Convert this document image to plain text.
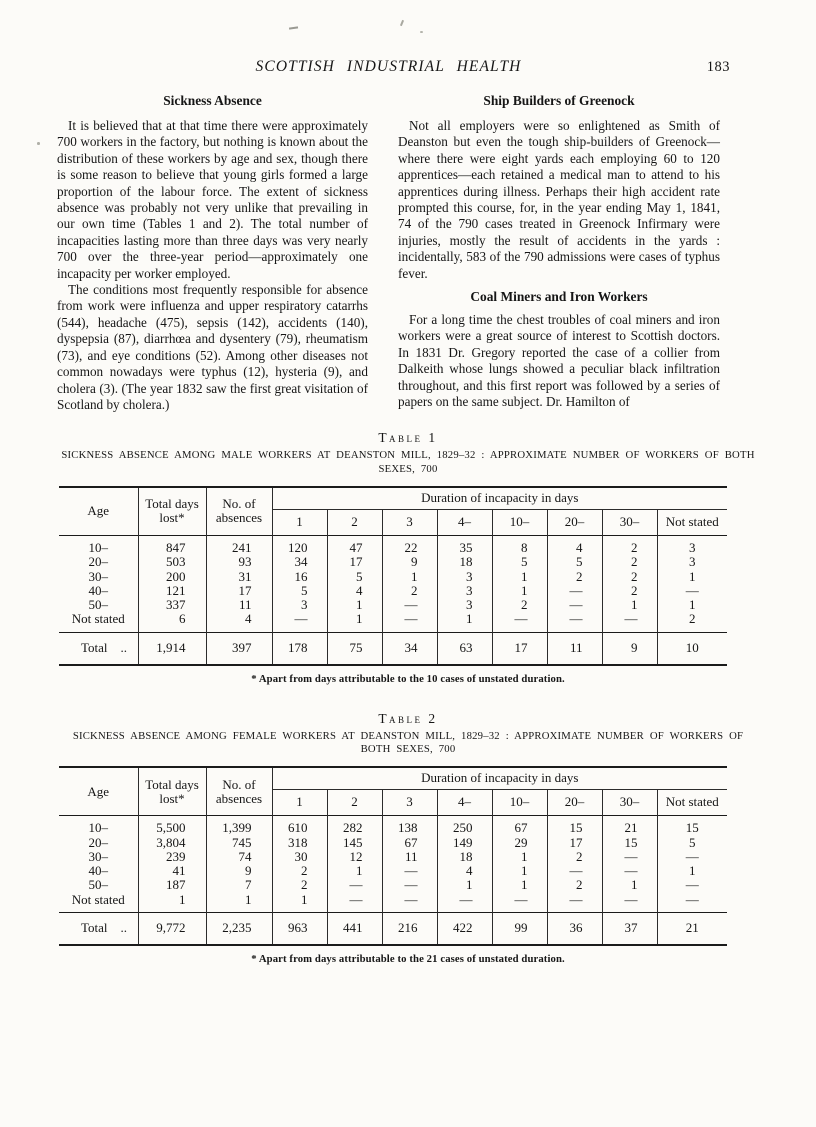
SCOTTISH INDUSTRIAL HEALTH	183
Sickness Absence

It is believed that at that time there were approximately 700 workers in the factory, but nothing is known about the distribution of these workers by age and sex, though there is some reason to believe that young girls formed a large proportion of the labour force. The extent of sickness absence was probably not very unlike that prevailing in our own time (Tables 1 and 2). The total number of incapacities lasting more than three days was very nearly 700 over the three-year period—approximately one incapacity per worker employed.

The conditions most frequently responsible for absence from work were influenza and upper respiratory catarrhs (544), headache (475), sepsis (142), accidents (140), dyspepsia (87), diarrhœa and dysentery (79), rheumatism (73), and eye conditions (52). Among other diseases not common nowadays were typhus (12), hysteria (9), and cholera (3). (The year 1832 saw the first great visitation of Scotland by cholera.)

Ship Builders of Greenock

Not all employers were so enlightened as Smith of Deanston but even the tough ship-builders of Greenock—where there were eight yards each employing 60 to 120 apprentices—each retained a medical man to attend to his apprentices during illness. Perhaps their high accident rate prompted this course, for, in the year ending May 1, 1841, 74 of the 790 cases treated in Greenock Infirmary were injuries, mostly the result of accidents in the yards : incidentally, 583 of the 790 admissions were cases of typhus fever.

Coal Miners and Iron Workers

For a long time the chest troubles of coal miners and iron workers were a great source of interest to Scottish doctors. In 1831 Dr. Gregory reported the case of a collier from Dalkeith whose lungs showed a peculiar black infiltration throughout, and this first report was followed by a series of papers on the same subject. Dr. Hamilton of

Table 1
SICKNESS ABSENCE AMONG MALE WORKERS AT DEANSTON MILL, 1829–32 : APPROXIMATE NUMBER OF WORKERS OF BOTH SEXES, 700
Age	Total days lost*	No. of absences	Duration of incapacity in days							
			1	2	3	4–	10–	20–	30–	Not stated
10–	847	241	120	47	22	35	8	4	2	3
20–	503	93	34	17	9	18	5	5	2	3
30–	200	31	16	5	1	3	1	2	2	1
40–	121	17	5	4	2	3	1	—	2	—
50–	337	11	3	1	—	3	2	—	1	1
Not stated	6	4	—	1	—	1	—	—	—	2
Total ..	1,914	397	178	75	34	63	17	11	9	10
* Apart from days attributable to the 10 cases of unstated duration.
Table 2
SICKNESS ABSENCE AMONG FEMALE WORKERS AT DEANSTON MILL, 1829–32 : APPROXIMATE NUMBER OF WORKERS OF BOTH SEXES, 700
Age	Total days lost*	No. of absences	Duration of incapacity in days							
			1	2	3	4–	10–	20–	30–	Not stated
10–	5,500	1,399	610	282	138	250	67	15	21	15
20–	3,804	745	318	145	67	149	29	17	15	5
30–	239	74	30	12	11	18	1	2	—	—
40–	41	9	2	1	—	4	1	—	—	1
50–	187	7	2	—	—	1	1	2	1	—
Not stated	1	1	1	—	—	—	—	—	—	—
Total ..	9,772	2,235	963	441	216	422	99	36	37	21
* Apart from days attributable to the 21 cases of unstated duration.
